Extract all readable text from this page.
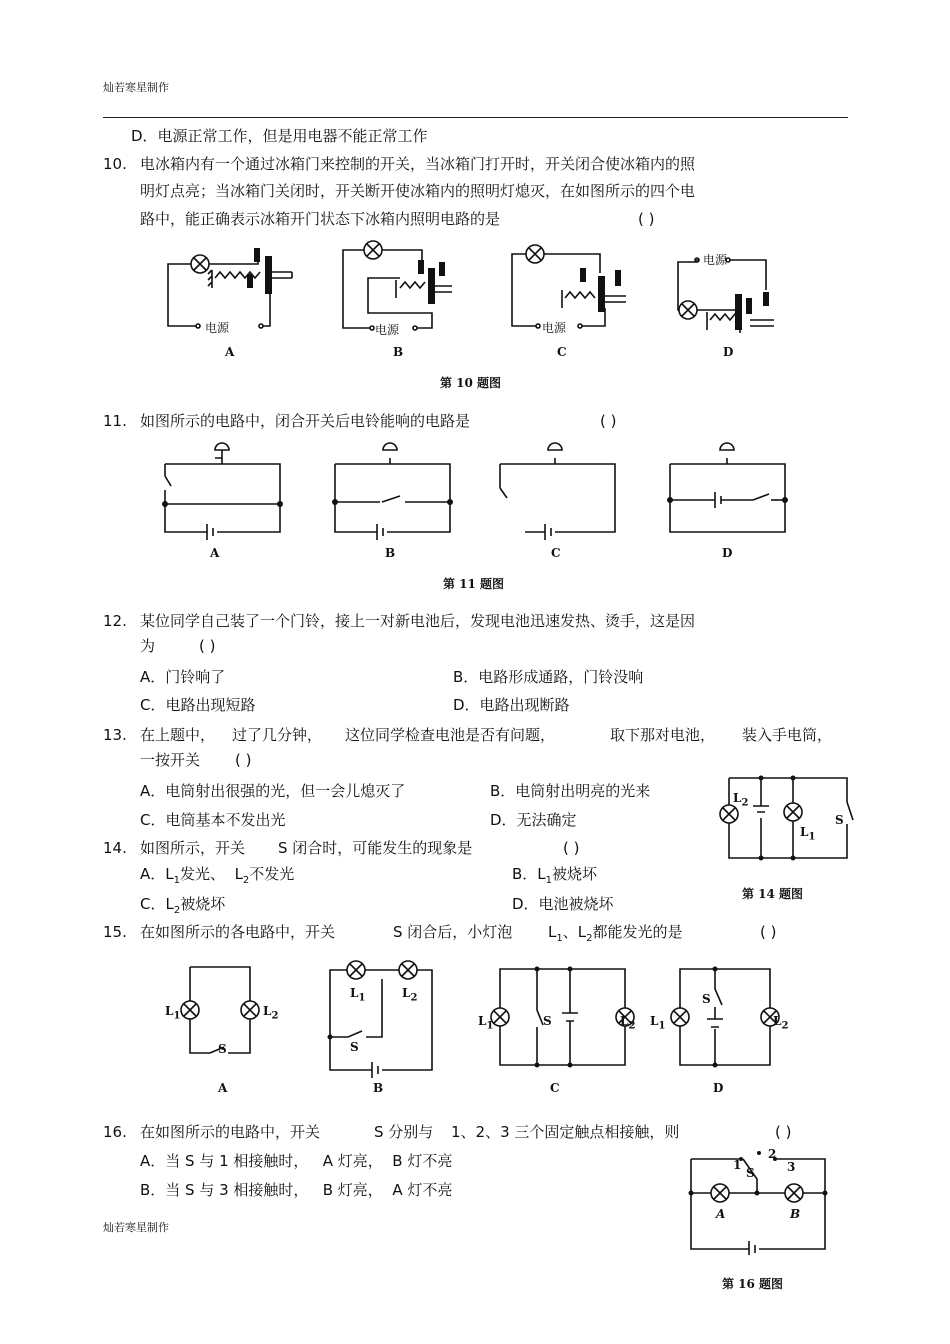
灿若寒星制作
D．电源正常工作，但是用电器不能正常工作
10. 电冰箱内有一个通过冰箱门来控制的开关，当冰箱门打开时，开关闭合使冰箱内的照
明灯点亮；当冰箱门关闭时，开关断开使冰箱内的照明灯熄灭，在如图所示的四个电
路中，能正确表示冰箱开门状态下冰箱内照明电路的是	( )
电源	电源	电源
电源
A	B	C	D
第 10 题图
11. 如图所示的电路中，闭合开关后电铃能响的电路是	( )
A	B	C	D
第 11 题图
12. 某位同学自己装了一个门铃，接上一对新电池后，发现电池迅速发热、烫手，这是因
为	( )
A．门铃响了	B．电路形成通路，门铃没响
C．电路出现短路	D．电路出现断路
13. 在上题中， 过了几分钟， 这位同学检查电池是否有问题，	取下那对电池， 装入手电筒，
一按开关 ( )
A．电筒射出很强的光，但一会儿熄灭了	B．电筒射出明亮的光来
C．电筒基本不发出光	D．无法确定
$L_2$
$L_1$
S
第 14 题图
14. 如图所示，开关 S 闭合时，可能发生的现象是	( )
A．$L_1$发光、 $L_2$不发光	B．$L_1$被烧坏
C．$L_2$被烧坏	D．电池被烧坏
15. 在如图所示的各电路中，开关	S 闭合后，小灯泡 $L_1$、$L_2$都能发光的是	( )
$L_1$	$L_2$
S
$L_1$	$L_2$
S
$L_1$	S	$L_2$ $L_1$
S
$L_2$
A	B	C	D
16. 在如图所示的电路中，开关	S 分别与 1、2、3 三个固定触点相接触，则	( )
A．当 S 与 1 相接触时， A 灯亮， B 灯不亮
B．当 S 与 3 相接触时， B 灯亮， A 灯不亮
1
2
3
S
A	B
第 16 题图
灿若寒星制作
